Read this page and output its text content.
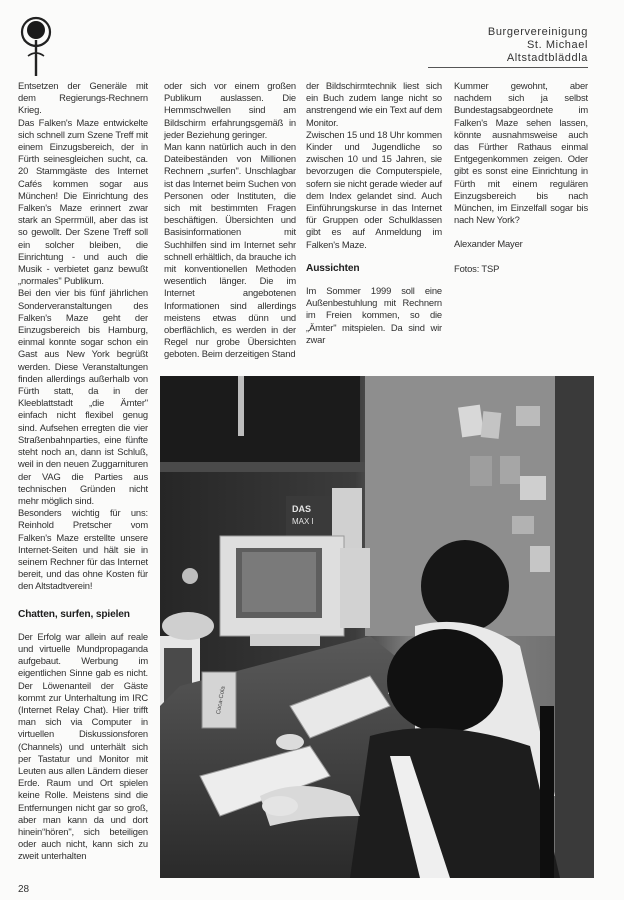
Burgervereinigung
St. Michael
Altstadtbläddla

Entsetzen der Generäle mit dem Regierungs-Rechnern Krieg.

Das Falken's Maze entwickelte sich schnell zum Szene Treff mit einem Einzugsbereich, der in Fürth seinesgleichen sucht, ca. 20 Stammgäste des Internet Cafés kommen sogar aus München! Die Einrichtung des Falken's Maze erinnert zwar stark an Sperrmüll, aber das ist so gewollt. Der Szene Treff soll ein solcher bleiben, die Einrichtung - und auch die Musik - verbietet ganz bewußt „normales" Publikum.

Bei den vier bis fünf jährlichen Sonderveranstaltungen des Falken's Maze geht der Einzugsbereich bis Hamburg, einmal konnte sogar schon ein Gast aus New York begrüßt werden. Diese Veranstaltungen finden allerdings außerhalb von Fürth statt, da in der Kleeblattstadt „die Ämter" einfach nicht flexibel genug sind. Aufsehen erregten die vier Straßenbahnparties, eine fünfte steht noch an, dann ist Schluß, weil in den neuen Zuggarnituren der VAG die Parties aus technischen Gründen nicht mehr möglich sind.

Besonders wichtig für uns: Reinhold Pretscher vom Falken's Maze erstellte unsere Internet-Seiten und hält sie in seinem Rechner für das Internet bereit, und das ohne Kosten für den Altstadtverein!

Chatten, surfen, spielen

Der Erfolg war allein auf reale und virtuelle Mundpropaganda aufgebaut. Werbung im eigentlichen Sinne gab es nicht. Der Löwenanteil der Gäste kommt zur Unterhaltung im IRC (Internet Relay Chat). Hier trifft man sich via Computer in virtuellen Diskussionsforen (Channels) und unterhält sich per Tastatur und Monitor mit Leuten aus allen Ländern dieser Erde. Raum und Ort spielen keine Rolle. Meistens sind die Entfernungen nicht gar so groß, aber man kann da und dort hinein“hören", sich beteiligen oder auch nicht, kann sich zu zweit unterhalten

oder sich vor einem großen Publikum auslassen. Die Hemmschwellen sind am Bildschirm erfahrungsgemäß in jeder Beziehung geringer.

Man kann natürlich auch in den Dateibeständen von Millionen Rechnern „surfen". Unschlagbar ist das Internet beim Suchen von Personen oder Instituten, die sich mit bestimmten Fragen beschäftigen. Übersichten und Basisinformationen mit Suchhilfen sind im Internet sehr schnell erhältlich, da brauche ich mit konventionellen Methoden wesentlich länger. Die im Internet angebotenen Informationen sind allerdings meistens etwas dünn und oberflächlich, es werden in der Regel nur grobe Übersichten geboten. Beim derzeitigen Stand

der Bildschirmtechnik liest sich ein Buch zudem lange nicht so anstrengend wie ein Text auf dem Monitor.

Zwischen 15 und 18 Uhr kommen Kinder und Jugendliche so zwischen 10 und 15 Jahren, sie bevorzugen die Computerspiele, sofern sie nicht gerade wieder auf dem Index gelandet sind. Auch Einführungskurse in das Internet für Gruppen oder Schulklassen gibt es auf Anmeldung im Falken's Maze.

Aussichten

Im Sommer 1999 soll eine Außenbestuhlung mit Rechnern im Freien kommen, so die „Ämter" mitspielen. Da sind wir zwar

Kummer gewohnt, aber nachdem sich ja selbst Bundestagsabgeordnete im Falken's Maze sehen lassen, könnte ausnahmsweise auch das Fürther Rathaus einmal Entgegenkommen zeigen. Oder gibt es sonst eine Einrichtung in Fürth mit einem regulären Einzugsbereich bis nach München, im Einzelfall sogar bis nach New York?

Alexander Mayer

Fotos: TSP

DAS
MAX I
Coca-Cola
28
